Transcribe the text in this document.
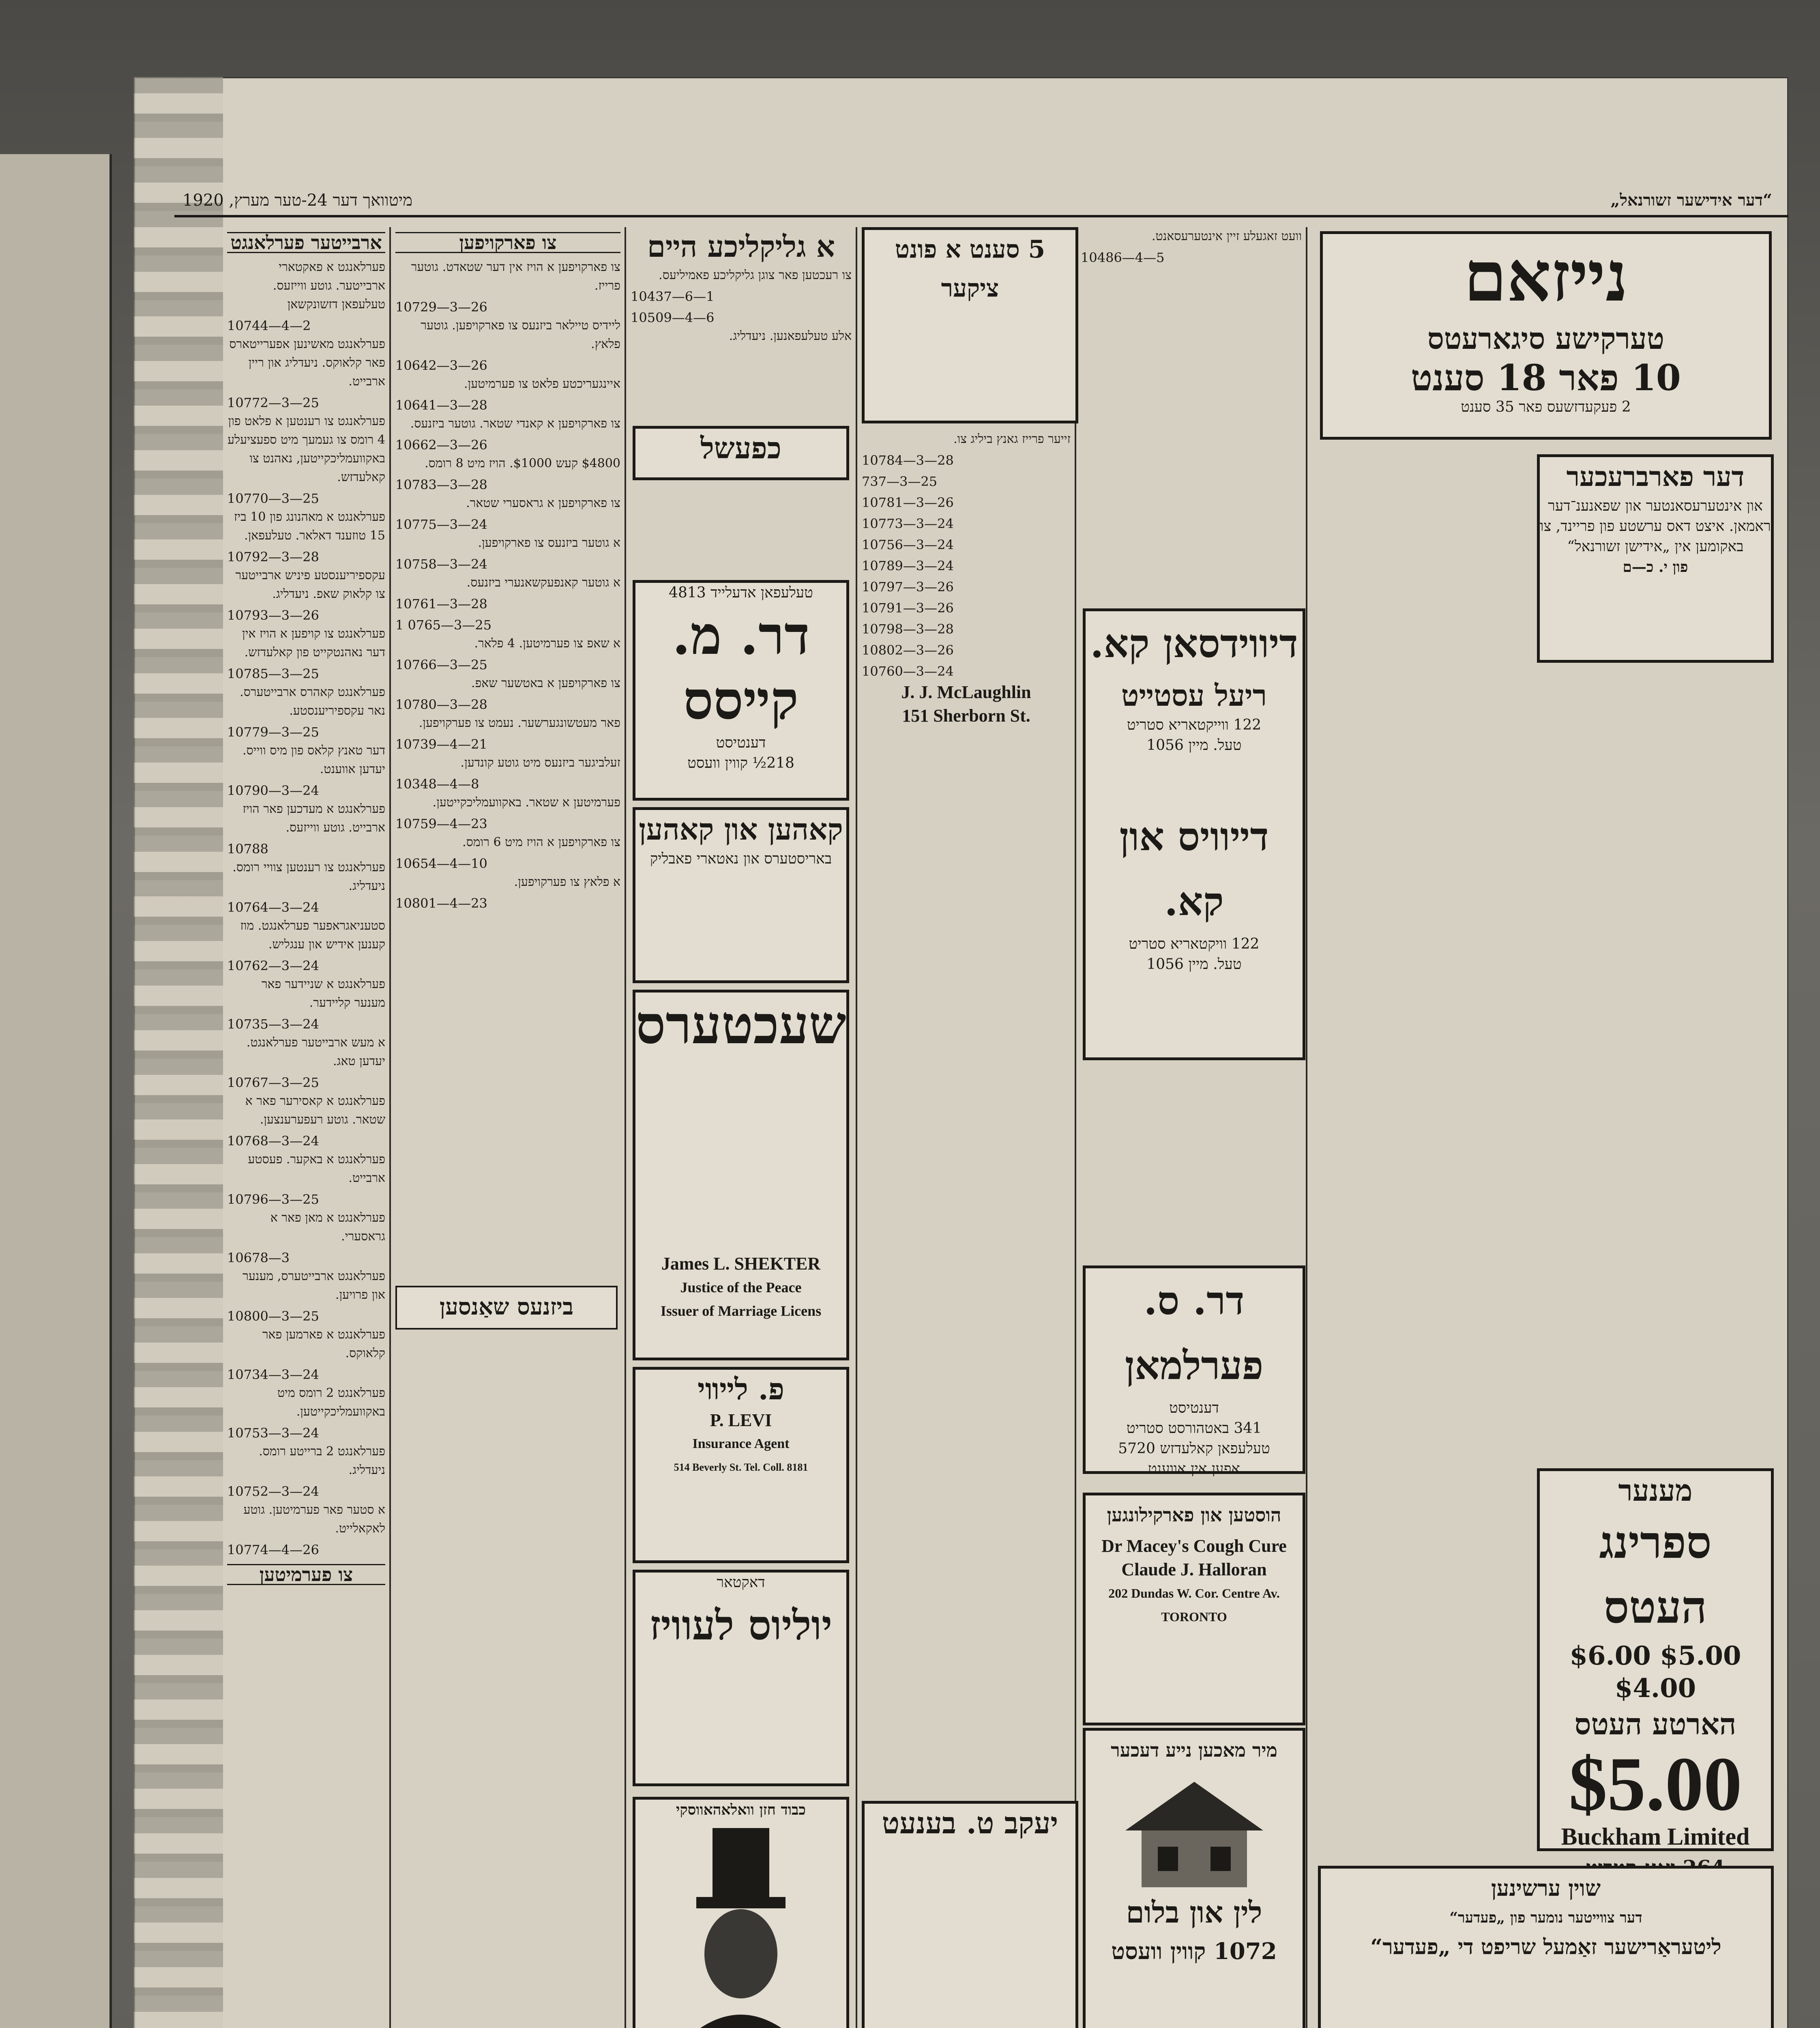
מיטוואך דער 24-טער מערץ, 1920	„דער אידישער זשורנאל“
ארבייטער פערלאנגט
פערלאנגט א פאקטארי ארבייטער. גוטע ווייזעס. טעלעפאן דזשונקשאן
10744—4—2
פערלאנגט מאשינען אפערייטארס פאר קלאוקס. ניעדליג און ריין ארבייט.
10772—3—25
פערלאנגט צו רענטען א פלאט פון 4 רומס צו געמעך מיט ספעציעלע באקוועמליכקייטען, נאהנט צו קאלעדזש.
10770—3—25
פערלאנגט א מאהנונג פון 10 ביז 15 טוזענד דאלאר. טעלעפאן.
10792—3—28
עקספיריענסטע פיניש ארבייטער צו קלאוק שאפ. ניעדליג.
10793—3—26
פערלאנגט צו קויפען א הויז אין דער נאהנטקייט פון קאלעדזש.
10785—3—25
פערלאנגט קאהרס ארבייטערס. נאר עקספיריענסטע.
10779—3—25
דער טאנץ קלאס פון מיס ווייס. יעדען אווענט.
10790—3—24
פערלאנגט א מעדכען פאר הויז ארבייט. גוטע ווייזעס.
10788
פערלאנגט צו רענטען צוויי רומס. ניעדליג.
10764—3—24
סטעניאגראפער פערלאנגט. מוז קענען אידיש און ענגליש.
10762—3—24
פערלאנגט א שניידער פאר מענער קליידער.
10735—3—24
א מעש ארבייטער פערלאנגט. יעדען טאג.
10767—3—25
פערלאנגט א קאסירער פאר א שטאר. גוטע רעפערענצען.
10768—3—24
פערלאנגט א באקער. פעסטע ארבייט.
10796—3—25
פערלאנגט א מאן פאר א גראסערי.
10678—3
פערלאנגט ארבייטערס, מענער און פרויען.
10800—3—25
פערלאנגט א פארמען פאר קלאוקס.
10734—3—24
פערלאנגט 2 רומס מיט באקוועמליכקייטען.
10753—3—24
פערלאנגט 2 ברייטע רומס. ניעדליג.
10752—3—24
א סטער פאר פערמיטען. גוטע לאקאלייט.
10774—4—26
צו פערמיטען
צו פארקויפען
צו פארקויפען א הויז אין דער שטאדט. גוטער פרייז.
10729—3—26
ליידיס טיילאר ביזנעס צו פארקויפען. גוטער פלאץ.
10642—3—26
איינגעריכטע פלאט צו פערמיטען.
10641—3—28
צו פארקויפען א קאנדי שטאר. גוטער ביזנעס.
10662—3—26
$4800 קעש $1000. הויז מיט 8 רומס.
10783—3—28
צו פארקויפען א גראסערי שטאר.
10775—3—24
א גוטער ביזנעס צו פארקויפען.
10758—3—24
א גוטער קאנפעקשאנערי ביזנעס.
10761—3—28
1 0765—3—25
א שאפ צו פערמיטען. 4 פלאר.
10766—3—25
צו פארקויפען א באטשער שאפ.
10780—3—28
פאר מעטשונגערשער. נעמט צו פערקויפען.
10739—4—21
זעלביגער ביזנעס מיט גוטע קונדען.
10348—4—8
פערמיטען א שטאר. באקוועמליכקייטען.
10759—4—23
צו פארקויפען א הויז מיט 6 רומס.
10654—4—10
א פלאץ צו פערקויפען.
10801—4—23
ביזנעס שאַנסען
א גליקליכע הײם
צו רעכטען פאר צוגן גליקליכע פאמיליעס.
10437—6—1
10509—4—6
אלע טעלעפאנען. ניעדליג.
כפעשל
טעלעפאן אדעלייד 4813
דר. מ. קײסס
דענטיסט
218½ קווין וועסט
קאהען און קאהען
באריסטערס און נאטארי פאבליק
שעכטערס
James L. SHEKTER
Justice of the Peace
Issuer of Marriage Licens
פ. לײװי
P. LEVI
Insurance Agent
514 Beverly St. Tel. Coll. 8181
דאקטאר
יוליוס לעוויז
כבוד חזן וואלאהאווסקי
5 סענט א פונט ציקער
זייער פרייז גאנץ ביליג צו.
10784—3—28
737—3—25
10781—3—26
10773—3—24
10756—3—24
10789—3—24
10797—3—26
10791—3—26
10798—3—28
10802—3—26
10760—3—24
J. J. McLaughlin
151 Sherborn St.
יעקב ט. בענעט
וועט זאגעלע זיין אינטערעסאנט.
10486—4—5
דיווידסאן קא.
ריעל עסטײט
122 ווייקטאריא סטריט
טעל. מיין 1056
דײוויס און קא.
122 וויקטאריא סטריט
טעל. מיין 1056
דר. ס. פערלמאן
דענטיסט
341 באטהורסט סטריט
טעלעפאן קאלעדזש 5720
אפען אין אווענט
הוסטען און פארקילונגען
Dr Macey's Cough Cure
Claude J. Halloran
202 Dundas W. Cor. Centre Av.
TORONTO
מיר מאכען נײע דעכער
לין און בלום
1072 קווין וועסט
נײזאם
טערקישע סיגארעטס
10 פאר 18 סענט
2 פעקעדזשעס פאר 35 סענט
דער פארברעכער
און אינטערעסאנטער און שפאנענ־דער ראמאן. איצט דאס ערשטע פון פריינד, צו באקומען אין „אידישן זשורנאל“
פון י. כ—ם
מענער
ספרינג העטס
$6.00 $5.00 $4.00
הארטע העטס
$5.00
Buckham Limited
שוין ערשינען
דער צװײטער נומער פון „פעדער“
ליטעראַרישער זאַמעל שריפט די „פעדער“
